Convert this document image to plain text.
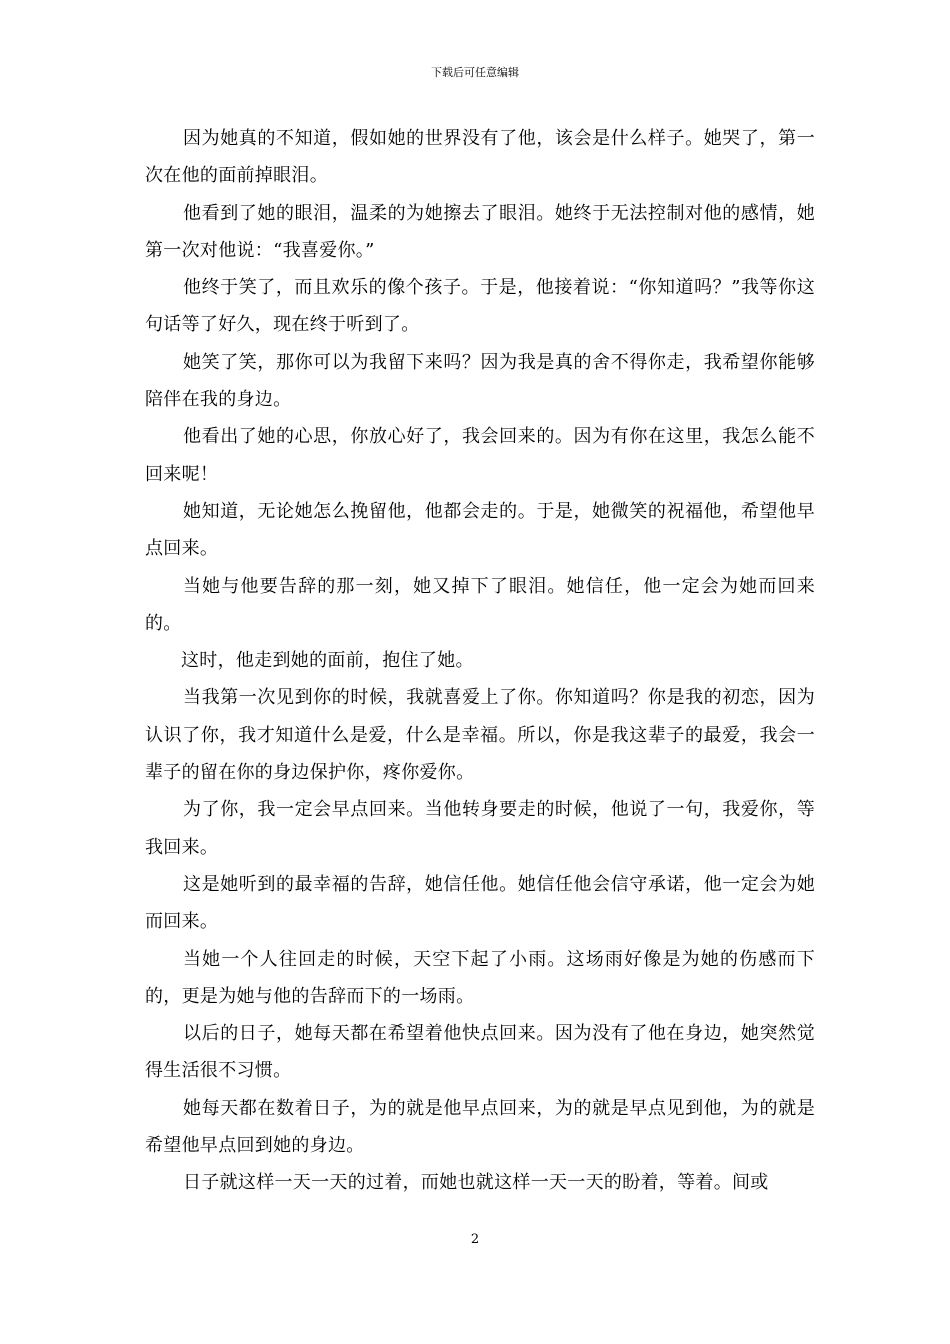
下载后可任意编辑

因为她真的不知道，假如她的世界没有了他，该会是什么样子。她哭了，第一次在他的面前掉眼泪。

他看到了她的眼泪，温柔的为她擦去了眼泪。她终于无法控制对他的感情，她第一次对他说：“我喜爱你。”

他终于笑了，而且欢乐的像个孩子。于是，他接着说：“你知道吗？”我等你这句话等了好久，现在终于听到了。

她笑了笑，那你可以为我留下来吗？因为我是真的舍不得你走，我希望你能够陪伴在我的身边。

他看出了她的心思，你放心好了，我会回来的。因为有你在这里，我怎么能不回来呢！

她知道，无论她怎么挽留他，他都会走的。于是，她微笑的祝福他，希望他早点回来。

当她与他要告辞的那一刻，她又掉下了眼泪。她信任，他一定会为她而回来的。

这时，他走到她的面前，抱住了她。

当我第一次见到你的时候，我就喜爱上了你。你知道吗？你是我的初恋，因为认识了你，我才知道什么是爱，什么是幸福。所以，你是我这辈子的最爱，我会一辈子的留在你的身边保护你，疼你爱你。

为了你，我一定会早点回来。当他转身要走的时候，他说了一句，我爱你，等我回来。

这是她听到的最幸福的告辞，她信任他。她信任他会信守承诺，他一定会为她而回来。

当她一个人往回走的时候，天空下起了小雨。这场雨好像是为她的伤感而下的，更是为她与他的告辞而下的一场雨。

以后的日子，她每天都在希望着他快点回来。因为没有了他在身边，她突然觉得生活很不习惯。

她每天都在数着日子，为的就是他早点回来，为的就是早点见到他，为的就是希望他早点回到她的身边。

日子就这样一天一天的过着，而她也就这样一天一天的盼着，等着。间或

2
